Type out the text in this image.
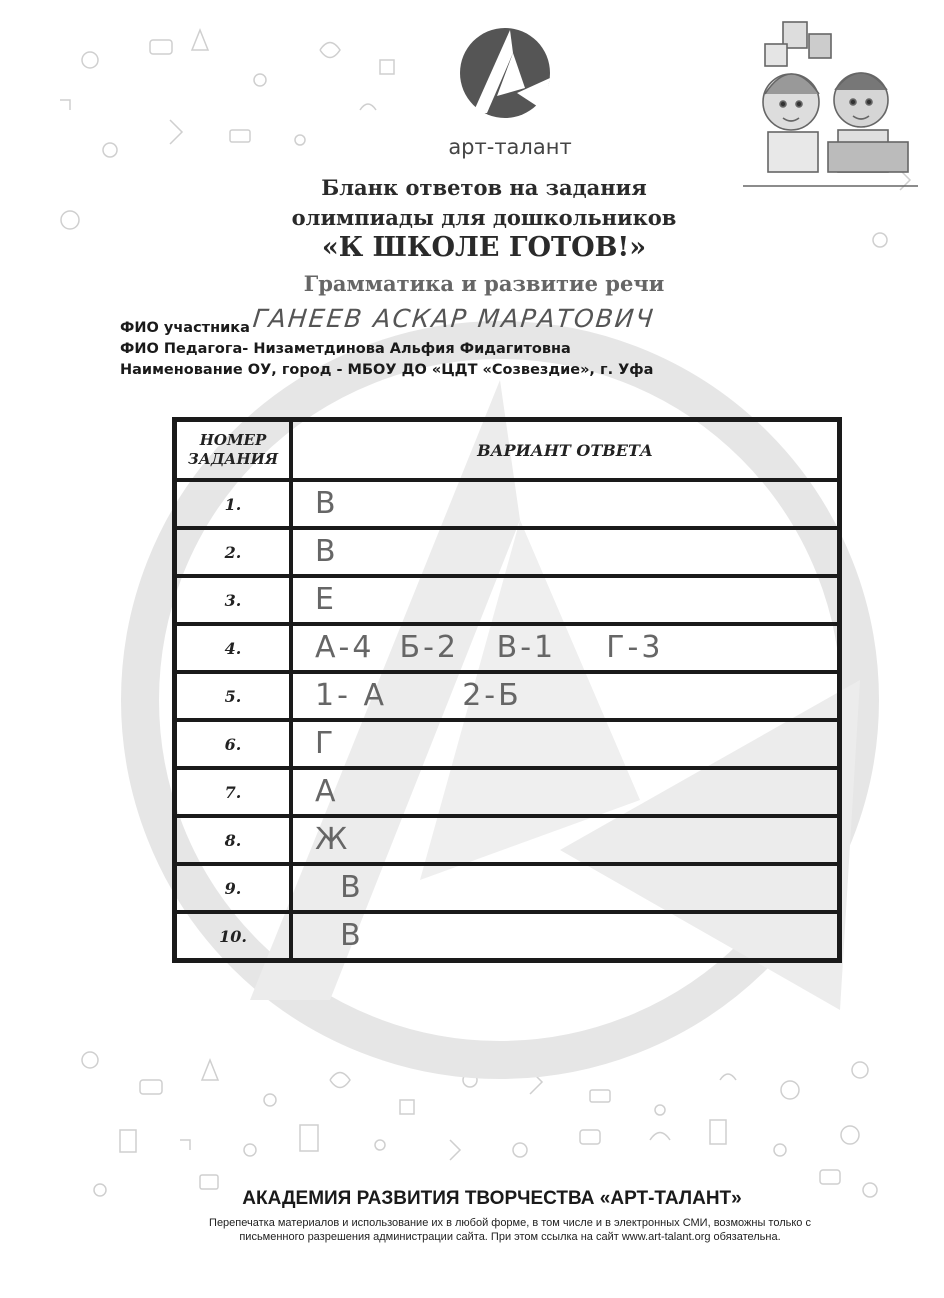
арт-талант
Бланк ответов на задания
олимпиады для дошкольников
«К ШКОЛЕ ГОТОВ!»
Грамматика и развитие речи
ФИО участника ГАНЕЕВ АСКАР МАРАТОВИЧ
ФИО Педагога- Низаметдинова Альфия Фидагитовна
Наименование ОУ, город - МБОУ ДО «ЦДТ «Созвездие», г. Уфа
НОМЕР
ЗАДАНИЯ	ВАРИАНТ ОТВЕТА
1.	В
2.	В
3.	Е
4.	А-4  Б-2   В-1    Г-3
5.	1- А      2-Б
6.	Г
7.	А
8.	Ж
9.	В
10.	В
АКАДЕМИЯ РАЗВИТИЯ ТВОРЧЕСТВА «АРТ-ТАЛАНТ»
Перепечатка материалов и использование их в любой форме, в том числе и в электронных СМИ, возможны только с
письменного разрешения администрации сайта. При этом ссылка на сайт www.art-talant.org обязательна.
